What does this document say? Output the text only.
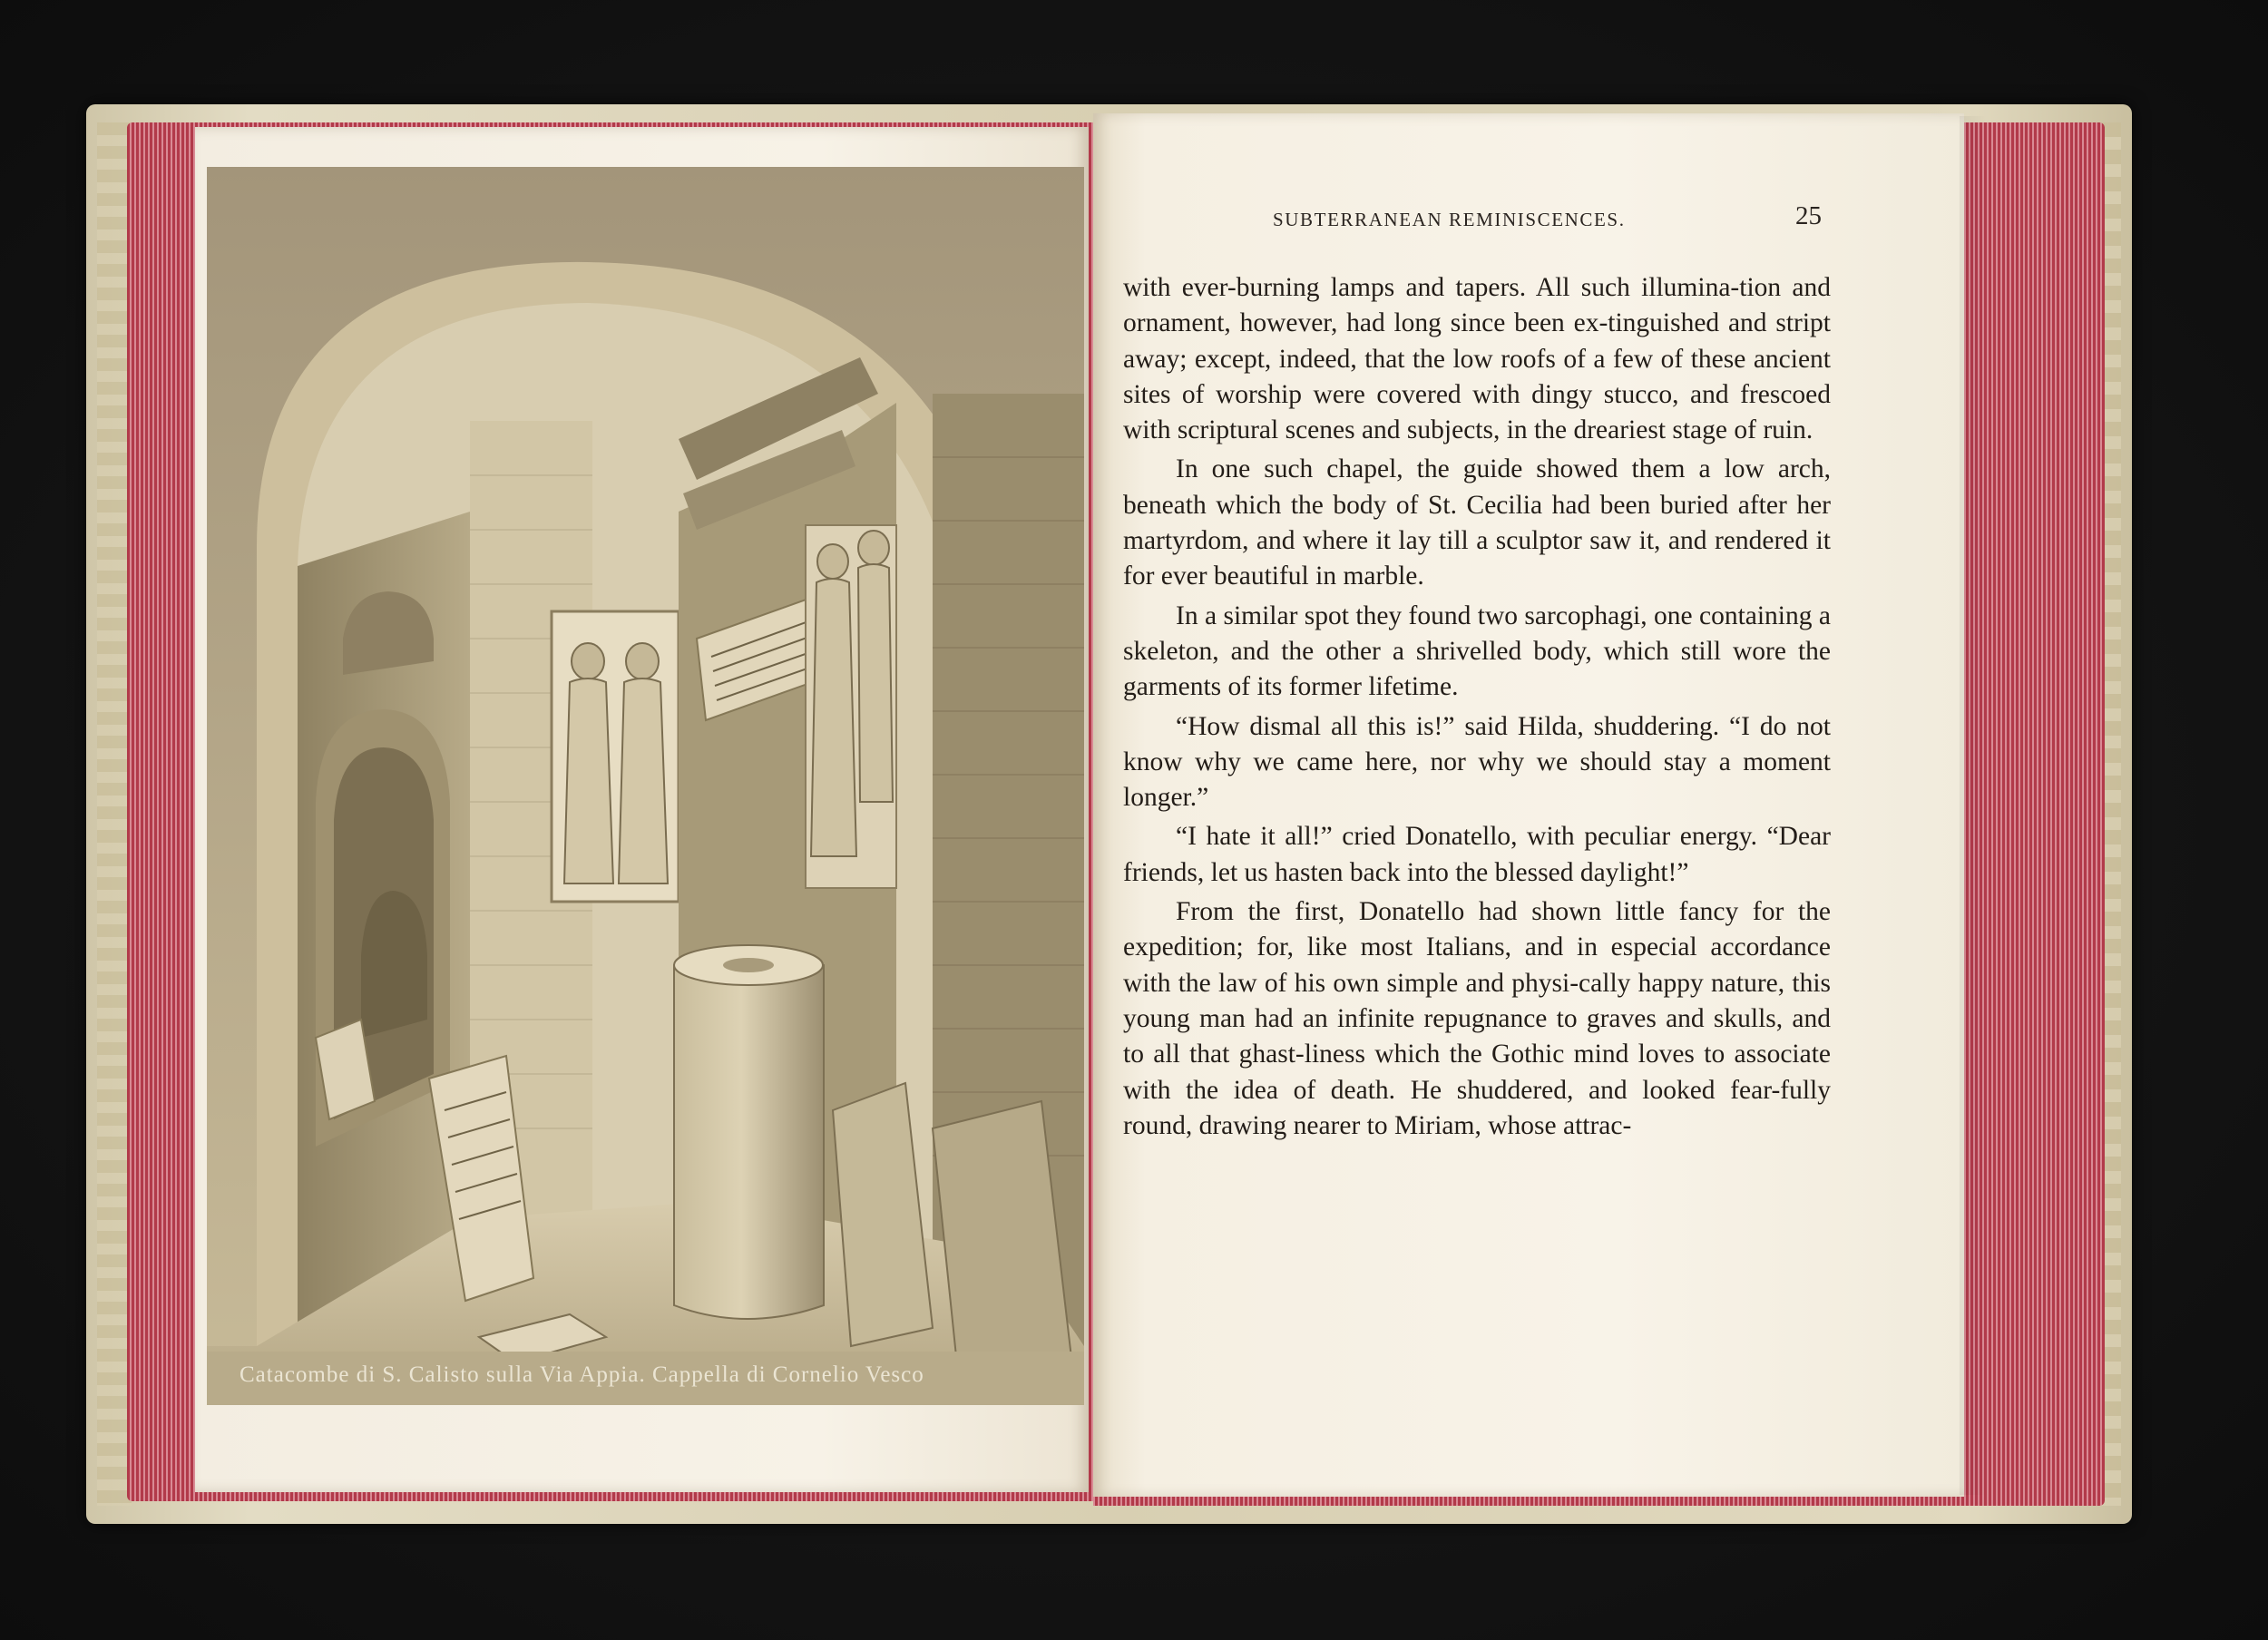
Catacombe di S. Calisto sulla Via Appia. Cappella di Cornelio Vesco
SUBTERRANEAN REMINISCENCES.	25

with ever-burning lamps and tapers. All such illumina-tion and ornament, however, had long since been ex-tinguished and stript away; except, indeed, that the low roofs of a few of these ancient sites of worship were covered with dingy stucco, and frescoed with scriptural scenes and subjects, in the dreariest stage of ruin.

In one such chapel, the guide showed them a low arch, beneath which the body of St. Cecilia had been buried after her martyrdom, and where it lay till a sculptor saw it, and rendered it for ever beautiful in marble.

In a similar spot they found two sarcophagi, one containing a skeleton, and the other a shrivelled body, which still wore the garments of its former lifetime.

“How dismal all this is!” said Hilda, shuddering. “I do not know why we came here, nor why we should stay a moment longer.”

“I hate it all!” cried Donatello, with peculiar energy. “Dear friends, let us hasten back into the blessed daylight!”

From the first, Donatello had shown little fancy for the expedition; for, like most Italians, and in especial accordance with the law of his own simple and physi-cally happy nature, this young man had an infinite repugnance to graves and skulls, and to all that ghast-liness which the Gothic mind loves to associate with the idea of death. He shuddered, and looked fear-fully round, drawing nearer to Miriam, whose attrac-
